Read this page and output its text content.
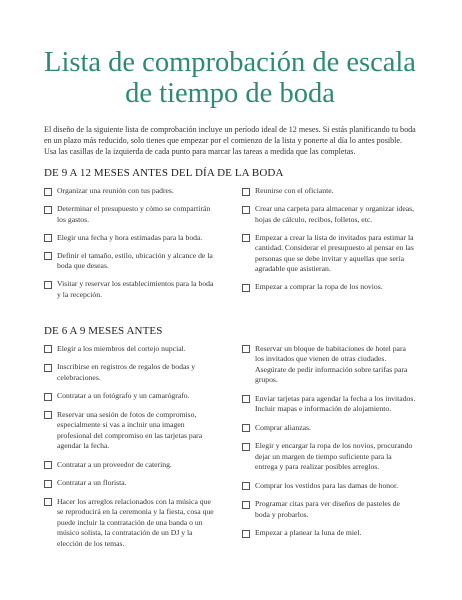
Lista de comprobación de escala de tiempo de boda

El diseño de la siguiente lista de comprobación incluye un período ideal de 12 meses. Si estás planificando tu boda en un plazo más reducido, solo tienes que empezar por el comienzo de la lista y ponerte al día lo antes posible. Usa las casillas de la izquierda de cada punto para marcar las tareas a medida que las completas.

DE 9 A 12 MESES ANTES DEL DÍA DE LA BODA
Organizar una reunión con tus padres.
Determinar el presupuesto y cómo se compartirán los gastos.
Elegir una fecha y hora estimadas para la boda.
Definir el tamaño, estilo, ubicación y alcance de la boda que deseas.
Visitar y reservar los establecimientos para la boda y la recepción.
Reunirse con el oficiante.
Crear una carpeta para almacenar y organizar ideas, hojas de cálculo, recibos, folletos, etc.
Empezar a crear la lista de invitados para estimar la cantidad. Considerar el presupuesto al pensar en las personas que se debe invitar y aquellas que sería agradable que asistieran.
Empezar a comprar la ropa de los novios.
DE 6 A 9 MESES ANTES
Elegir a los miembros del cortejo nupcial.
Inscribirse en registros de regalos de bodas y celebraciones.
Contratar a un fotógrafo y un camarógrafo.
Reservar una sesión de fotos de compromiso, especialmente si vas a incluir una imagen profesional del compromiso en las tarjetas para agendar la fecha.
Contratar a un proveedor de catering.
Contratar a un florista.
Hacer los arreglos relacionados con la música que se reproducirá en la ceremonia y la fiesta, cosa que puede incluir la contratación de una banda o un músico solista, la contratación de un DJ y la elección de los temas.
Reservar un bloque de habitaciones de hotel para los invitados que vienen de otras ciudades. Asegúrate de pedir información sobre tarifas para grupos.
Enviar tarjetas para agendar la fecha a los invitados. Incluir mapas e información de alojamiento.
Comprar alianzas.
Elegir y encargar la ropa de los novios, procurando dejar un margen de tiempo suficiente para la entrega y para realizar posibles arreglos.
Comprar los vestidos para las damas de honor.
Programar citas para ver diseños de pasteles de boda y probarlos.
Empezar a planear la luna de miel.
